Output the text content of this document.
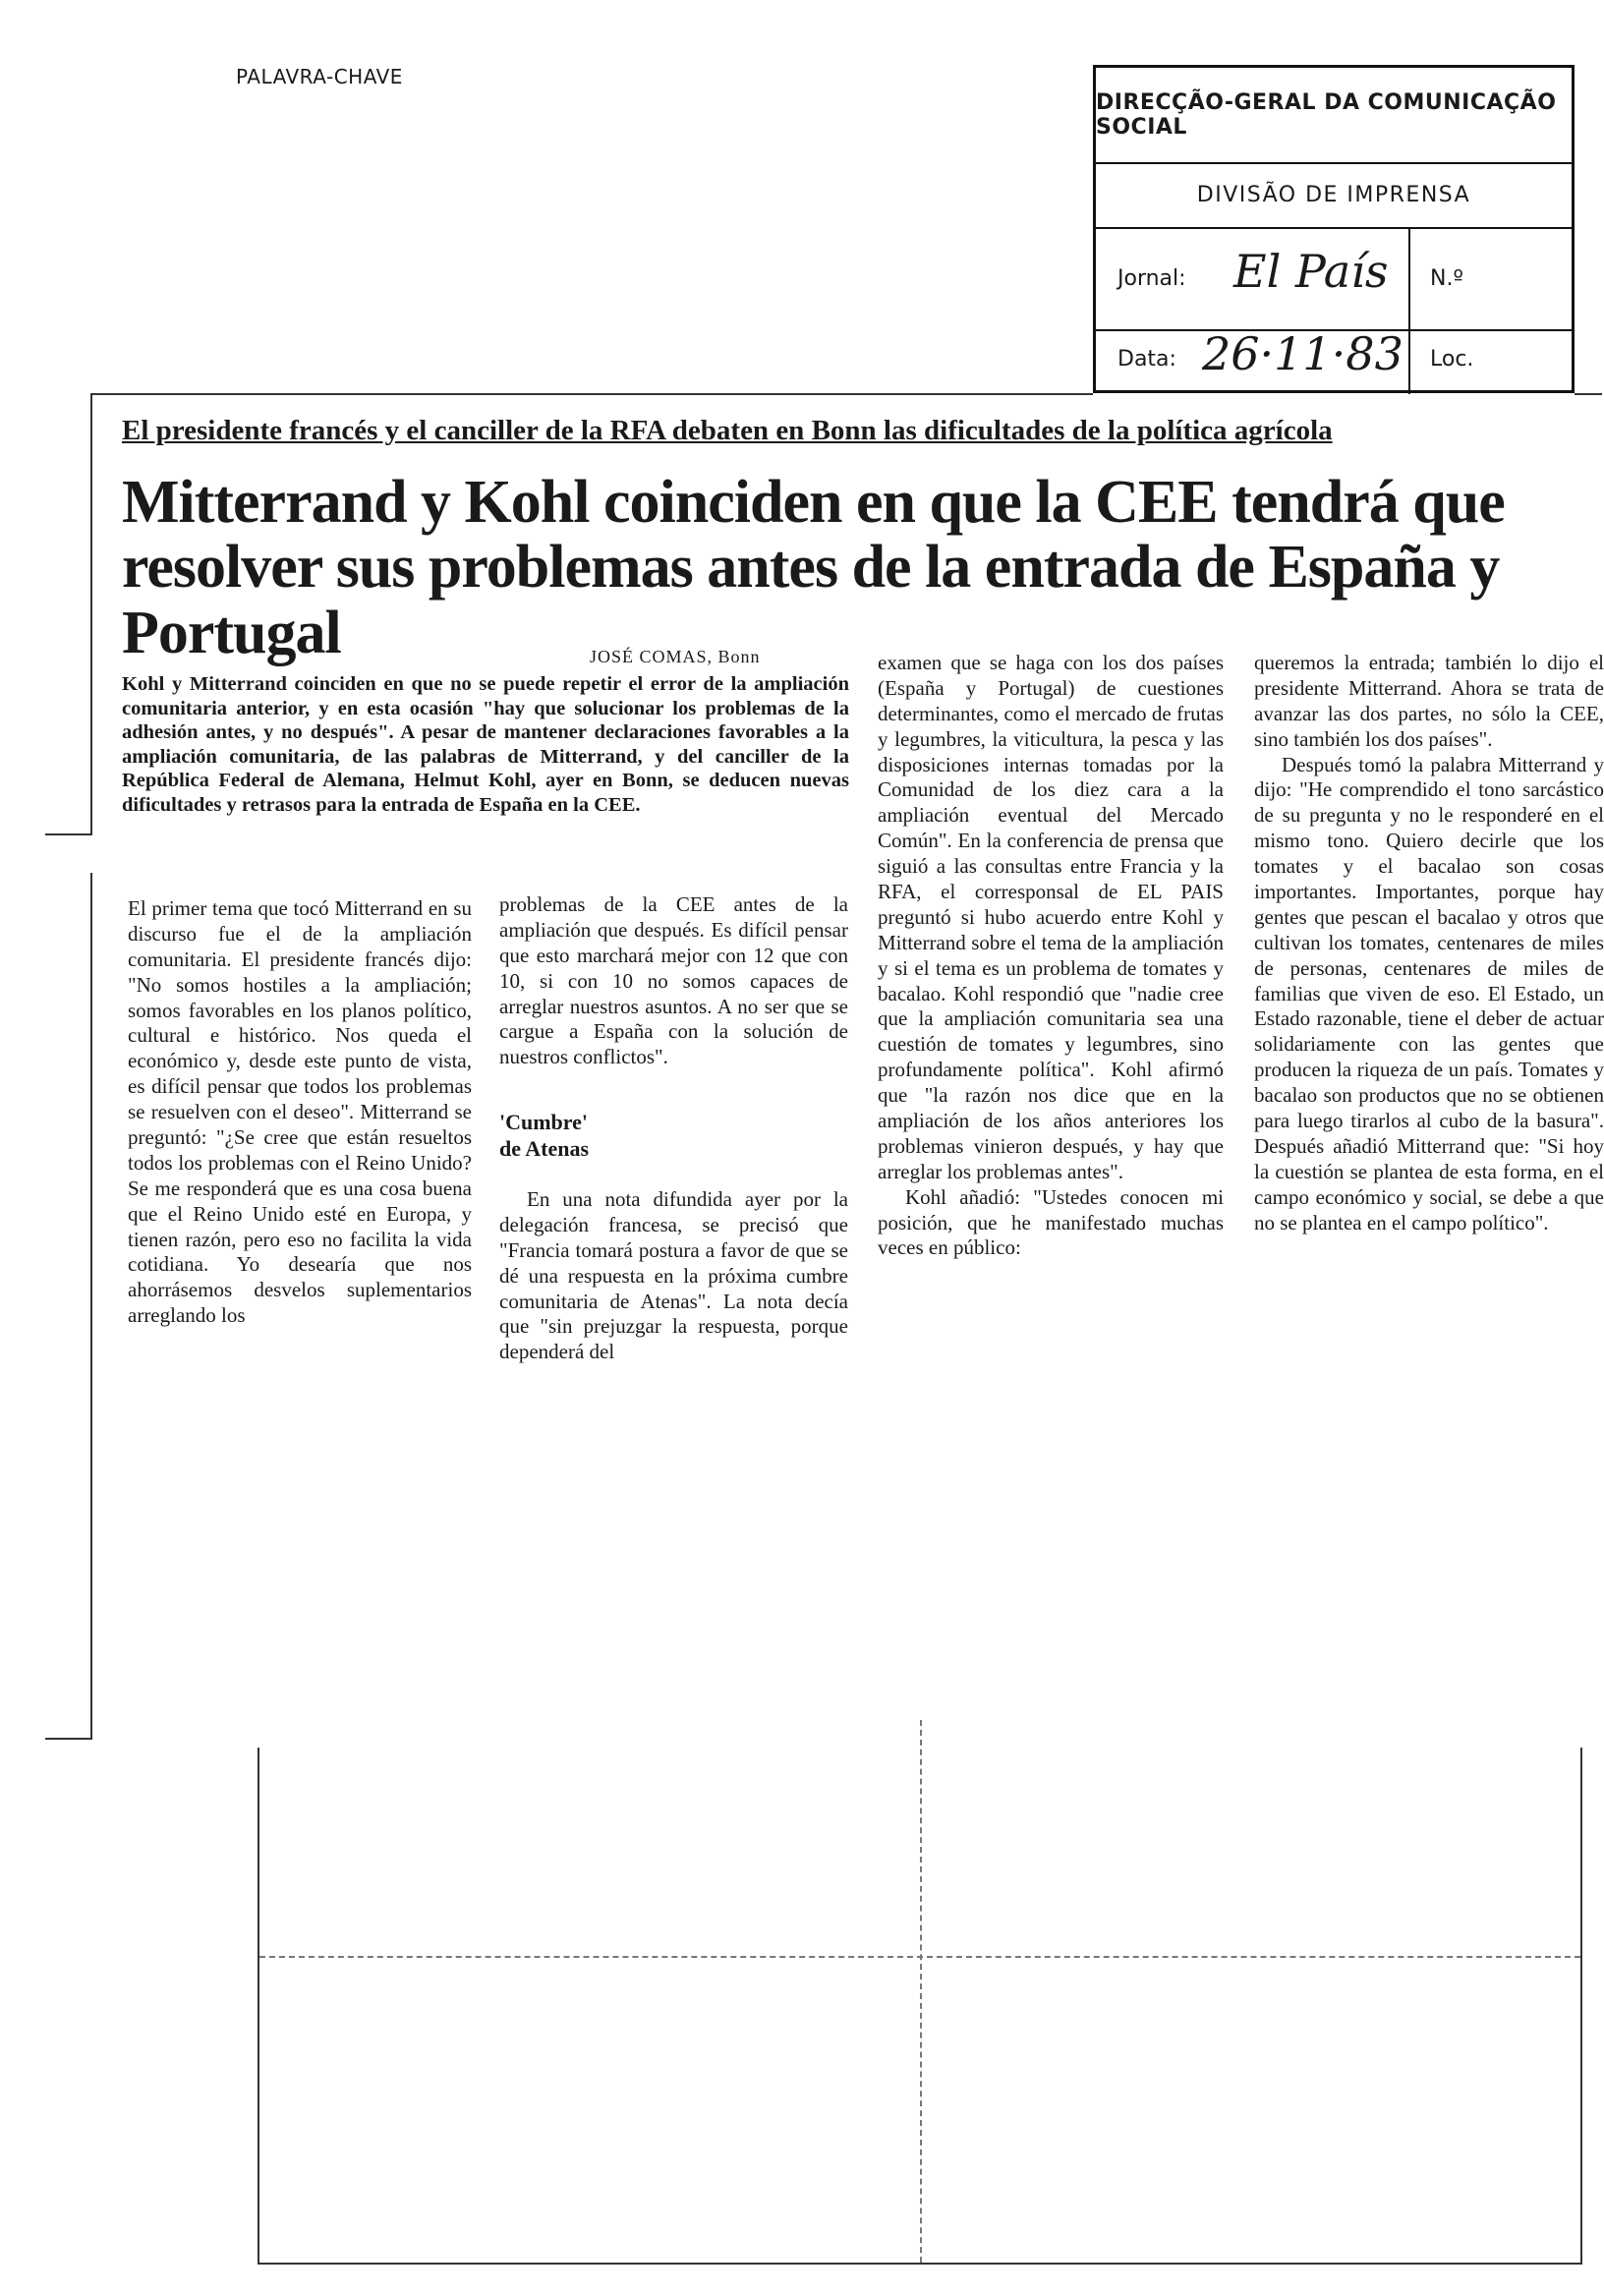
PALAVRA-CHAVE
DIRECÇÃO-GERAL DA COMUNICAÇÃO SOCIAL
DIVISÃO DE IMPRENSA
Jornal: El País N.º
Data: 26·11·83 Loc.
El presidente francés y el canciller de la RFA debaten en Bonn las dificultades de la política agrícola
Mitterrand y Kohl coinciden en que la CEE tendrá que resolver sus problemas antes de la entrada de España y Portugal	JOSÉ COMAS, Bonn
Kohl y Mitterrand coinciden en que no se puede repetir el error de la ampliación comunitaria anterior, y en esta ocasión "hay que solucionar los problemas de la adhesión antes, y no después". A pesar de mantener declaraciones favorables a la ampliación comunitaria, de las palabras de Mitterrand, y del canciller de la República Federal de Alemana, Helmut Kohl, ayer en Bonn, se deducen nuevas dificultades y retrasos para la entrada de España en la CEE.

El primer tema que tocó Mitterrand en su discurso fue el de la ampliación comunitaria. El presidente francés dijo: "No somos hostiles a la ampliación; somos favorables en los planos político, cultural e histórico. Nos queda el económico y, desde este punto de vista, es difícil pensar que todos los problemas se resuelven con el deseo". Mitterrand se preguntó: "¿Se cree que están resueltos todos los problemas con el Reino Unido? Se me responderá que es una cosa buena que el Reino Unido esté en Europa, y tienen razón, pero eso no facilita la vida cotidiana. Yo desearía que nos ahorrásemos desvelos suplementarios arreglando los

problemas de la CEE antes de la ampliación que después. Es difícil pensar que esto marchará mejor con 12 que con 10, si con 10 no somos capaces de arreglar nuestros asuntos. A no ser que se cargue a España con la solución de nuestros conflictos".

'Cumbre'
de Atenas

En una nota difundida ayer por la delegación francesa, se precisó que "Francia tomará postura a favor de que se dé una respuesta en la próxima cumbre comunitaria de Atenas". La nota decía que "sin prejuzgar la respuesta, porque dependerá del

examen que se haga con los dos países (España y Portugal) de cuestiones determinantes, como el mercado de frutas y legumbres, la viticultura, la pesca y las disposiciones internas tomadas por la Comunidad de los diez cara a la ampliación eventual del Mercado Común". En la conferencia de prensa que siguió a las consultas entre Francia y la RFA, el corresponsal de EL PAIS preguntó si hubo acuerdo entre Kohl y Mitterrand sobre el tema de la ampliación y si el tema es un problema de tomates y bacalao. Kohl respondió que "nadie cree que la ampliación comunitaria sea una cuestión de tomates y legumbres, sino profundamente política". Kohl afirmó que "la razón nos dice que en la ampliación de los años anteriores los problemas vinieron después, y hay que arreglar los problemas antes".

Kohl añadió: "Ustedes conocen mi posición, que he manifestado muchas veces en público:

queremos la entrada; también lo dijo el presidente Mitterrand. Ahora se trata de avanzar las dos partes, no sólo la CEE, sino también los dos países".

Después tomó la palabra Mitterrand y dijo: "He comprendido el tono sarcástico de su pregunta y no le responderé en el mismo tono. Quiero decirle que los tomates y el bacalao son cosas importantes. Importantes, porque hay gentes que pescan el bacalao y otros que cultivan los tomates, centenares de miles de personas, centenares de miles de familias que viven de eso. El Estado, un Estado razonable, tiene el deber de actuar solidariamente con las gentes que producen la riqueza de un país. Tomates y bacalao son productos que no se obtienen para luego tirarlos al cubo de la basura". Después añadió Mitterrand que: "Si hoy la cuestión se plantea de esta forma, en el campo económico y social, se debe a que no se plantea en el campo político".
